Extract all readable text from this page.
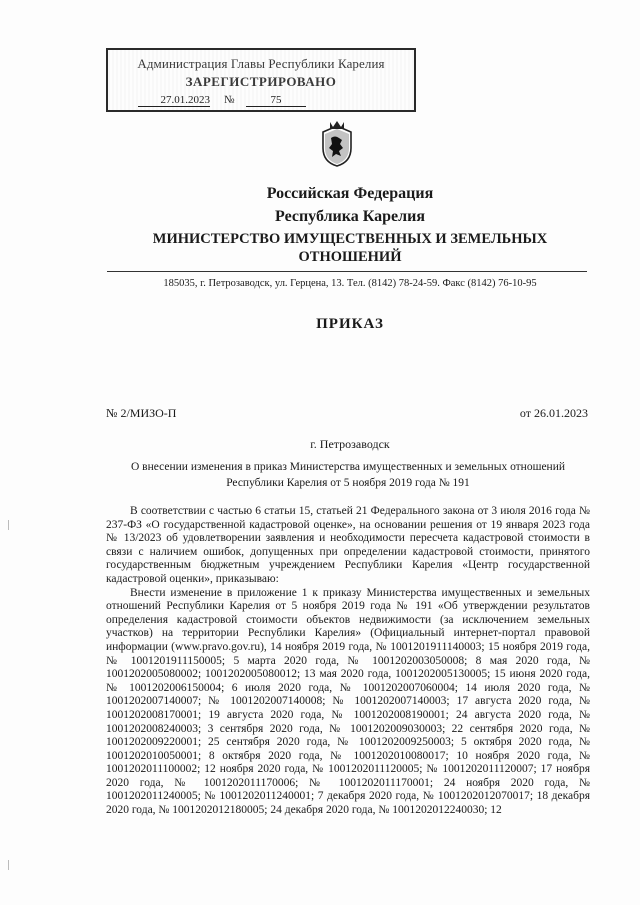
Администрация Главы Республики Карелия
ЗАРЕГИСТРИРОВАНО
27.01.2023 №	75
Российская Федерация
Республика Карелия
МИНИСТЕРСТВО ИМУЩЕСТВЕННЫХ И ЗЕМЕЛЬНЫХ
ОТНОШЕНИЙ
185035, г. Петрозаводск, ул. Герцена, 13. Тел. (8142) 78-24-59. Факс (8142) 76-10-95
ПРИКАЗ
№ 2/МИЗО-П	от 26.01.2023
г. Петрозаводск
О внесении изменения в приказ Министерства имущественных и земельных отношений
Республики Карелия от 5 ноября 2019 года № 191

В соответствии с частью 6 статьи 15, статьей 21 Федерального закона от 3 июля 2016 года № 237-ФЗ «О государственной кадастровой оценке», на основании решения от 19 января 2023 года № 13/2023 об удовлетворении заявления и необходимости пересчета кадастровой стоимости в связи с наличием ошибок, допущенных при определении кадастровой стоимости, принятого государственным бюджетным учреждением Республики Карелия «Центр государственной кадастровой оценки», приказываю:

Внести изменение в приложение 1 к приказу Министерства имущественных и земельных отношений Республики Карелия от 5 ноября 2019 года № 191 «Об утверждении результатов определения кадастровой стоимости объектов недвижимости (за исключением земельных участков) на территории Республики Карелия» (Официальный интернет-портал правовой информации (www.pravo.gov.ru), 14 ноября 2019 года, № 1001201911140003; 15 ноября 2019 года, № 1001201911150005; 5 марта 2020 года, № 1001202003050008; 8 мая 2020 года, № 1001202005080002; 1001202005080012; 13 мая 2020 года, 1001202005130005; 15 июня 2020 года, № 1001202006150004; 6 июля 2020 года, № 1001202007060004; 14 июля 2020 года, № 1001202007140007; № 1001202007140008; № 1001202007140003; 17 августа 2020 года, № 1001202008170001; 19 августа 2020 года, № 1001202008190001; 24 августа 2020 года, № 1001202008240003; 3 сентября 2020 года, № 1001202009030003; 22 сентября 2020 года, № 1001202009220001; 25 сентября 2020 года, № 1001202009250003; 5 октября 2020 года, № 1001202010050001; 8 октября 2020 года, № 1001202010080017; 10 ноября 2020 года, № 1001202011100002; 12 ноября 2020 года, № 1001202011120005; № 1001202011120007; 17 ноября 2020 года, № 1001202011170006; № 1001202011170001; 24 ноября 2020 года, № 1001202011240005; № 1001202011240001; 7 декабря 2020 года, № 1001202012070017; 18 декабря 2020 года, № 1001202012180005; 24 декабря 2020 года, № 1001202012240030; 12
